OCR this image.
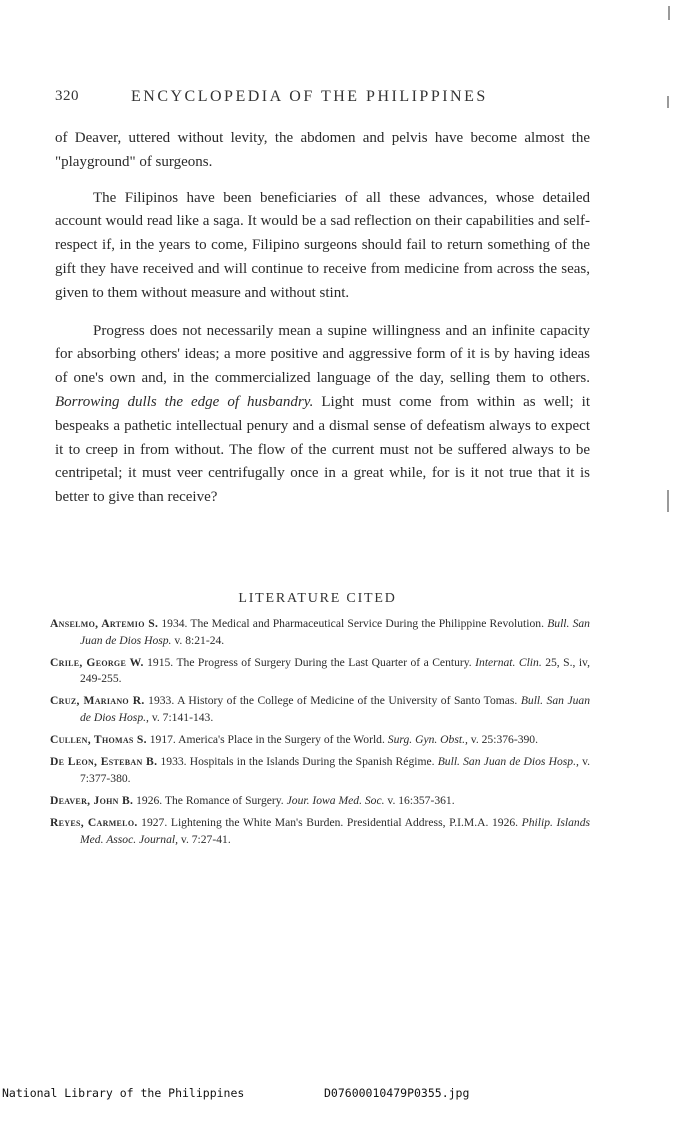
320	ENCYCLOPEDIA OF THE PHILIPPINES

of Deaver, uttered without levity, the abdomen and pelvis have become almost the "playground" of surgeons.

The Filipinos have been beneficiaries of all these advances, whose detailed account would read like a saga. It would be a sad reflection on their capabilities and self-respect if, in the years to come, Filipino surgeons should fail to return something of the gift they have received and will continue to receive from medicine from across the seas, given to them without measure and without stint.

Progress does not necessarily mean a supine willingness and an infinite capacity for absorbing others' ideas; a more positive and aggressive form of it is by having ideas of one's own and, in the commercialized language of the day, selling them to others. Borrowing dulls the edge of husbandry. Light must come from within as well; it bespeaks a pathetic intellectual penury and a dismal sense of defeatism always to expect it to creep in from without. The flow of the current must not be suffered always to be centripetal; it must veer centrifugally once in a great while, for is it not true that it is better to give than receive?

LITERATURE CITED
Anselmo, Artemio S. 1934. The Medical and Pharmaceutical Service During the Philippine Revolution. Bull. San Juan de Dios Hosp. v. 8:21-24.
Crile, George W. 1915. The Progress of Surgery During the Last Quarter of a Century. Internat. Clin. 25, S., iv, 249-255.
Cruz, Mariano R. 1933. A History of the College of Medicine of the University of Santo Tomas. Bull. San Juan de Dios Hosp., v. 7:141-143.
Cullen, Thomas S. 1917. America's Place in the Surgery of the World. Surg. Gyn. Obst., v. 25:376-390.
De Leon, Esteban B. 1933. Hospitals in the Islands During the Spanish Régime. Bull. San Juan de Dios Hosp., v. 7:377-380.
Deaver, John B. 1926. The Romance of Surgery. Jour. Iowa Med. Soc. v. 16:357-361.
Reyes, Carmelo. 1927. Lightening the White Man's Burden. Presidential Address, P.I.M.A. 1926. Philip. Islands Med. Assoc. Journal, v. 7:27-41.

National Library of the Philippines

	D07600010479P0355.jpg
